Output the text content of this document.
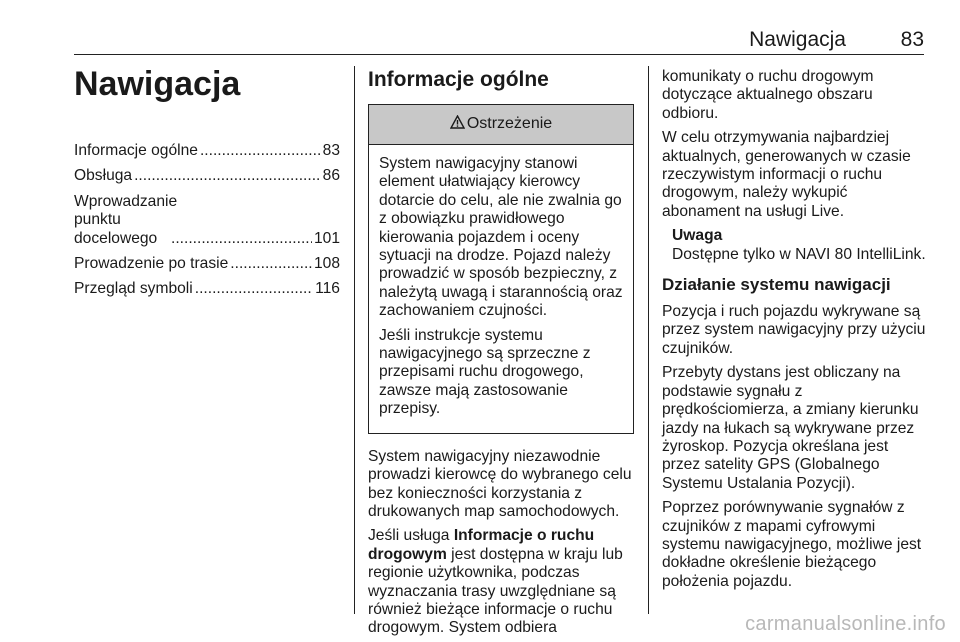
Nawigacja	83
Nawigacja
Informacje ogólne .....	83
Obsługa .....	86
Wprowadzanie punktu docelowego .....	101
Prowadzenie po trasie .....	108
Przegląd symboli .....	116
Informacje ogólne
Ostrzeżenie

System nawigacyjny stanowi element ułatwiający kierowcy dotarcie do celu, ale nie zwalnia go z obowiązku prawidłowego kierowania pojazdem i oceny sytuacji na drodze. Pojazd należy prowadzić w sposób bezpieczny, z należytą uwagą i starannością oraz zachowaniem czujności.

Jeśli instrukcje systemu nawigacyjnego są sprzeczne z przepisami ruchu drogowego, zawsze mają zastosowanie przepisy.

System nawigacyjny niezawodnie prowadzi kierowcę do wybranego celu bez konieczności korzystania z drukowanych map samochodowych.

Jeśli usługa Informacje o ruchu drogowym jest dostępna w kraju lub regionie użytkownika, podczas wyznaczania trasy uwzględniane są również bieżące informacje o ruchu drogowym. System odbiera

komunikaty o ruchu drogowym dotyczące aktualnego obszaru odbioru.

W celu otrzymywania najbardziej aktualnych, generowanych w czasie rzeczywistym informacji o ruchu drogowym, należy wykupić abonament na usługi Live.

Uwaga
Dostępne tylko w NAVI 80 IntelliLink.
Działanie systemu nawigacji

Pozycja i ruch pojazdu wykrywane są przez system nawigacyjny przy użyciu czujników.

Przebyty dystans jest obliczany na podstawie sygnału z prędkościomierza, a zmiany kierunku jazdy na łukach są wykrywane przez żyroskop. Pozycja określana jest przez satelity GPS (Globalnego Systemu Ustalania Pozycji).

Poprzez porównywanie sygnałów z czujników z mapami cyfrowymi systemu nawigacyjnego, możliwe jest dokładne określenie bieżącego położenia pojazdu.

carmanualsonline.info
